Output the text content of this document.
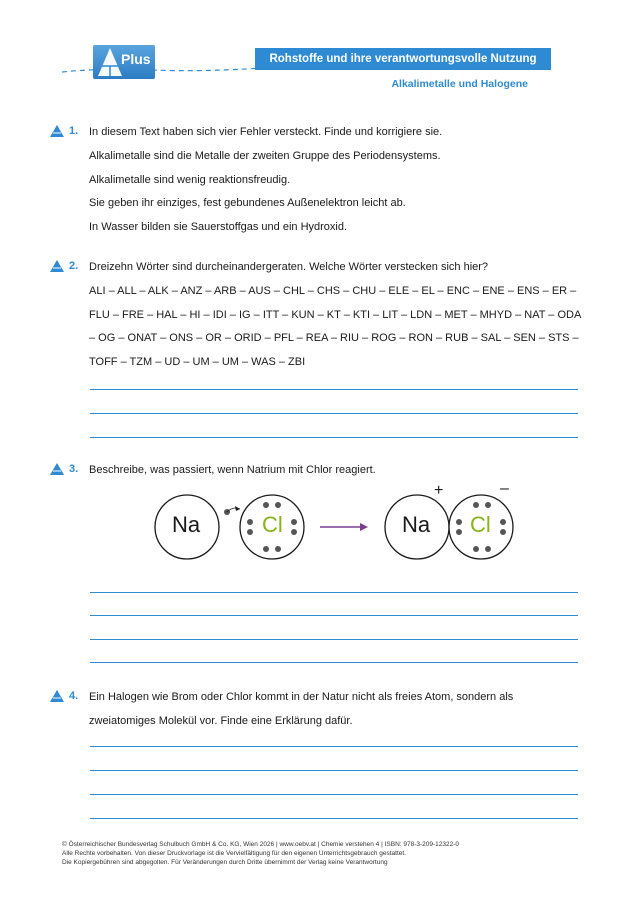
Plus	Rohstoffe und ihre verantwortungsvolle Nutzung
Alkalimetalle und Halogene
1. In diesem Text haben sich vier Fehler versteckt. Finde und korrigiere sie.
Alkalimetalle sind die Metalle der zweiten Gruppe des Periodensystems.
Alkalimetalle sind wenig reaktionsfreudig.
Sie geben ihr einziges, fest gebundenes Außenelektron leicht ab.
In Wasser bilden sie Sauerstoffgas und ein Hydroxid.
2. Dreizehn Wörter sind durcheinandergeraten. Welche Wörter verstecken sich hier?
ALI – ALL – ALK – ANZ – ARB – AUS – CHL – CHS – CHU – ELE – EL – ENC – ENE – ENS – ER –
FLU – FRE – HAL – HI – IDI – IG – ITT – KUN – KT – KTI – LIT – LDN – MET – MHYD – NAT – ODA
– OG – ONAT – ONS – OR – ORID – PFL – REA – RIU – ROG – RON – RUB – SAL – SEN – STS –
TOFF – TZM – UD – UM – UM – WAS – ZBI
3. Beschreibe, was passiert, wenn Natrium mit Chlor reagiert.
Na	Cl	Na Cl
+	–
4. Ein Halogen wie Brom oder Chlor kommt in der Natur nicht als freies Atom, sondern als
zweiatomiges Molekül vor. Finde eine Erklärung dafür.
© Österreichischer Bundesverlag Schulbuch GmbH & Co. KG, Wien 2026 | www.oebv.at | Chemie verstehen 4 | ISBN: 978-3-209-12322-0
Alle Rechte vorbehalten. Von dieser Druckvorlage ist die Vervielfältigung für den eigenen Unterrichtsgebrauch gestattet.
Die Kopiergebühren sind abgegolten. Für Veränderungen durch Dritte übernimmt der Verlag keine Verantwortung
